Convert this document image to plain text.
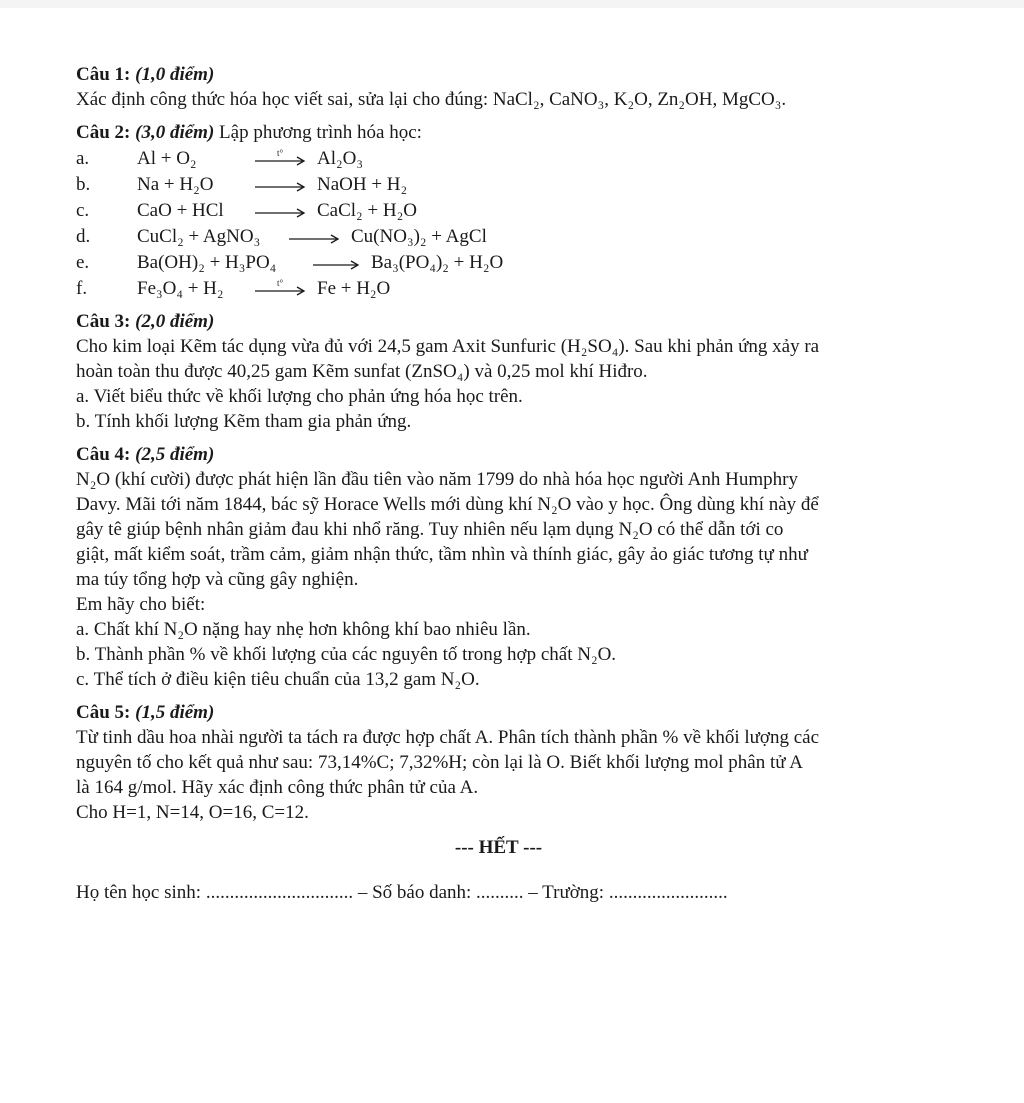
Câu 1: (1,0 điểm)
Xác định công thức hóa học viết sai, sửa lại cho đúng: NaCl₂, CaNO₃, K₂O, Zn₂OH, MgCO₃.
Câu 2: (3,0 điểm) Lập phương trình hóa học:
a.	Al + O₂	t° Al₂O₃
b.	Na + H₂O	→ NaOH + H₂
c.	CaO + HCl	→ CaCl₂ + H₂O
d.	CuCl₂ + AgNO₃	→ Cu(NO₃)₂ + AgCl
e.	Ba(OH)₂ + H₃PO₄	→ Ba₃(PO₄)₂ + H₂O
f.	Fe₃O₄ + H₂	t° Fe + H₂O
Câu 3: (2,0 điểm)
Cho kim loại Kẽm tác dụng vừa đủ với 24,5 gam Axit Sunfuric (H₂SO₄). Sau khi phản ứng xảy ra
hoàn toàn thu được 40,25 gam Kẽm sunfat (ZnSO₄) và 0,25 mol khí Hiđro.
a. Viết biểu thức về khối lượng cho phản ứng hóa học trên.
b. Tính khối lượng Kẽm tham gia phản ứng.
Câu 4: (2,5 điểm)
N₂O (khí cười) được phát hiện lần đầu tiên vào năm 1799 do nhà hóa học người Anh Humphry
Davy. Mãi tới năm 1844, bác sỹ Horace Wells mới dùng khí N₂O vào y học. Ông dùng khí này để
gây tê giúp bệnh nhân giảm đau khi nhổ răng. Tuy nhiên nếu lạm dụng N₂O có thể dẫn tới co
giật, mất kiểm soát, trầm cảm, giảm nhận thức, tầm nhìn và thính giác, gây ảo giác tương tự như
ma túy tổng hợp và cũng gây nghiện.
Em hãy cho biết:
a. Chất khí N₂O nặng hay nhẹ hơn không khí bao nhiêu lần.
b. Thành phần % về khối lượng của các nguyên tố trong hợp chất N₂O.
c. Thể tích ở điều kiện tiêu chuẩn của 13,2 gam N₂O.
Câu 5: (1,5 điểm)
Từ tinh dầu hoa nhài người ta tách ra được hợp chất A. Phân tích thành phần % về khối lượng các
nguyên tố cho kết quả như sau: 73,14%C; 7,32%H; còn lại là O. Biết khối lượng mol phân tử A
là 164 g/mol. Hãy xác định công thức phân tử của A.
Cho H=1, N=14, O=16, C=12.
--- HẾT ---
Họ tên học sinh: ............................... – Số báo danh: .......... – Trường: .........................
